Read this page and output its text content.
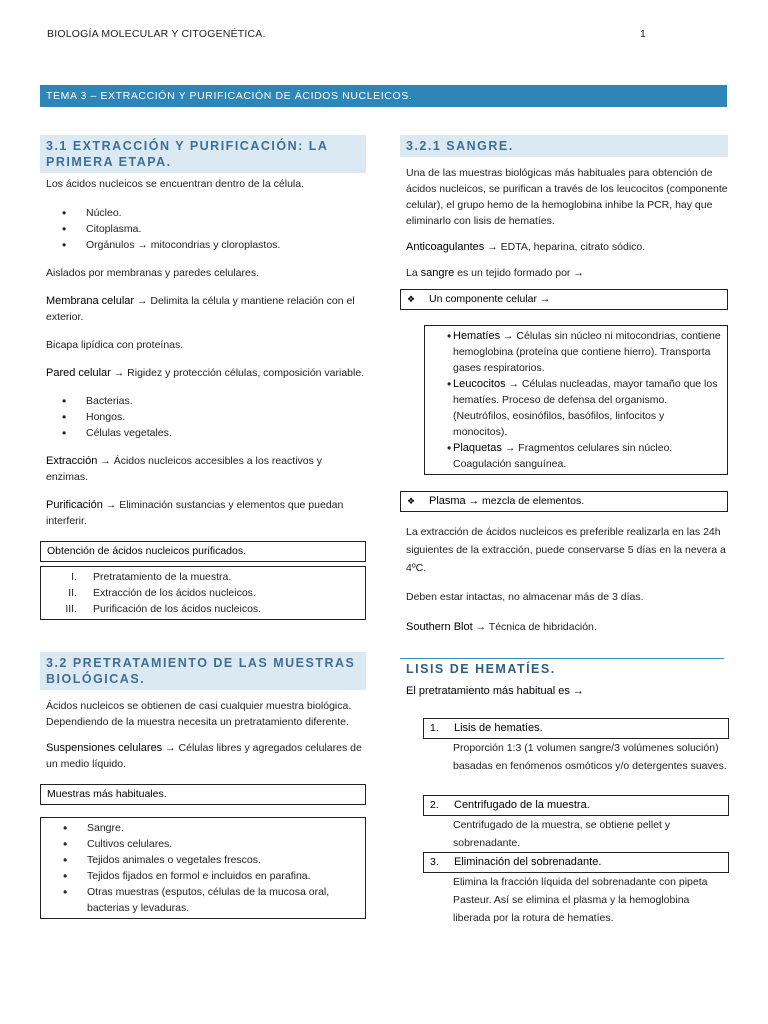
BIOLOGÍA MOLECULAR Y CITOGENÉTICA.	1
TEMA 3 – EXTRACCIÓN Y PURIFICACIÓN DE ÁCIDOS NUCLEICOS.
3.1 EXTRACCIÓN Y PURIFICACIÓN: LA PRIMERA ETAPA.

Los ácidos nucleicos se encuentran dentro de la célula.

• Núcleo.
• Citoplasma.
• Orgánulos → mitocondrias y cloroplastos.

Aislados por membranas y paredes celulares.

Membrana celular → Delimita la célula y mantiene relación con el exterior.

Bicapa lipídica con proteínas.

Pared celular → Rigidez y protección células, composición variable.

• Bacterias.
• Hongos.
• Células vegetales.

Extracción → Ácidos nucleicos accesibles a los reactivos y enzimas.

Purificación → Eliminación sustancias y elementos que puedan interferir.

Obtención de ácidos nucleicos purificados.
I. Pretratamiento de la muestra.
II. Extracción de los ácidos nucleicos.
III. Purificación de los ácidos nucleicos.
3.2 PRETRATAMIENTO DE LAS MUESTRAS BIOLÓGICAS.

Ácidos nucleicos se obtienen de casi cualquier muestra biológica. Dependiendo de la muestra necesita un pretratamiento diferente.

Suspensiones celulares → Células libres y agregados celulares de un medio líquido.

Muestras más habituales.
• Sangre.
• Cultivos celulares.
• Tejidos animales o vegetales frescos.
• Tejidos fijados en formol e incluidos en parafina.
• Otras muestras (esputos, células de la mucosa oral, bacterias y levaduras.
3.2.1 SANGRE.

Una de las muestras biológicas más habituales para obtención de ácidos nucleicos, se purifican a través de los leucocitos (componente celular), el grupo hemo de la hemoglobina inhibe la PCR, hay que eliminarlo con lisis de hematíes.

Anticoagulantes → EDTA, heparina, citrato sódico.

La sangre es un tejido formado por →

❖ Un componente celular →
• Hematíes → Células sin núcleo ni mitocondrias, contiene hemoglobina (proteína que contiene hierro). Transporta gases respiratorios.
• Leucocitos → Células nucleadas, mayor tamaño que los hematíes. Proceso de defensa del organismo. (Neutrófilos, eosinófilos, basófilos, linfocitos y monocitos).
• Plaquetas → Fragmentos celulares sin núcleo. Coagulación sanguínea.
❖ Plasma → mezcla de elementos.

La extracción de ácidos nucleicos es preferible realizarla en las 24h siguientes de la extracción, puede conservarse 5 días en la nevera a 4ºC.

Deben estar intactas, no almacenar más de 3 días.

Southern Blot → Técnica de hibridación.

LISIS DE HEMATÍES.

El pretratamiento más habitual es →

1. Lisis de hematíes.

Proporción 1:3 (1 volumen sangre/3 volúmenes solución) basadas en fenómenos osmóticos y/o detergentes suaves.

2. Centrifugado de la muestra.

Centrifugado de la muestra, se obtiene pellet y sobrenadante.

3. Eliminación del sobrenadante.

Elimina la fracción líquida del sobrenadante con pipeta Pasteur. Así se elimina el plasma y la hemoglobina liberada por la rotura de hematíes.
